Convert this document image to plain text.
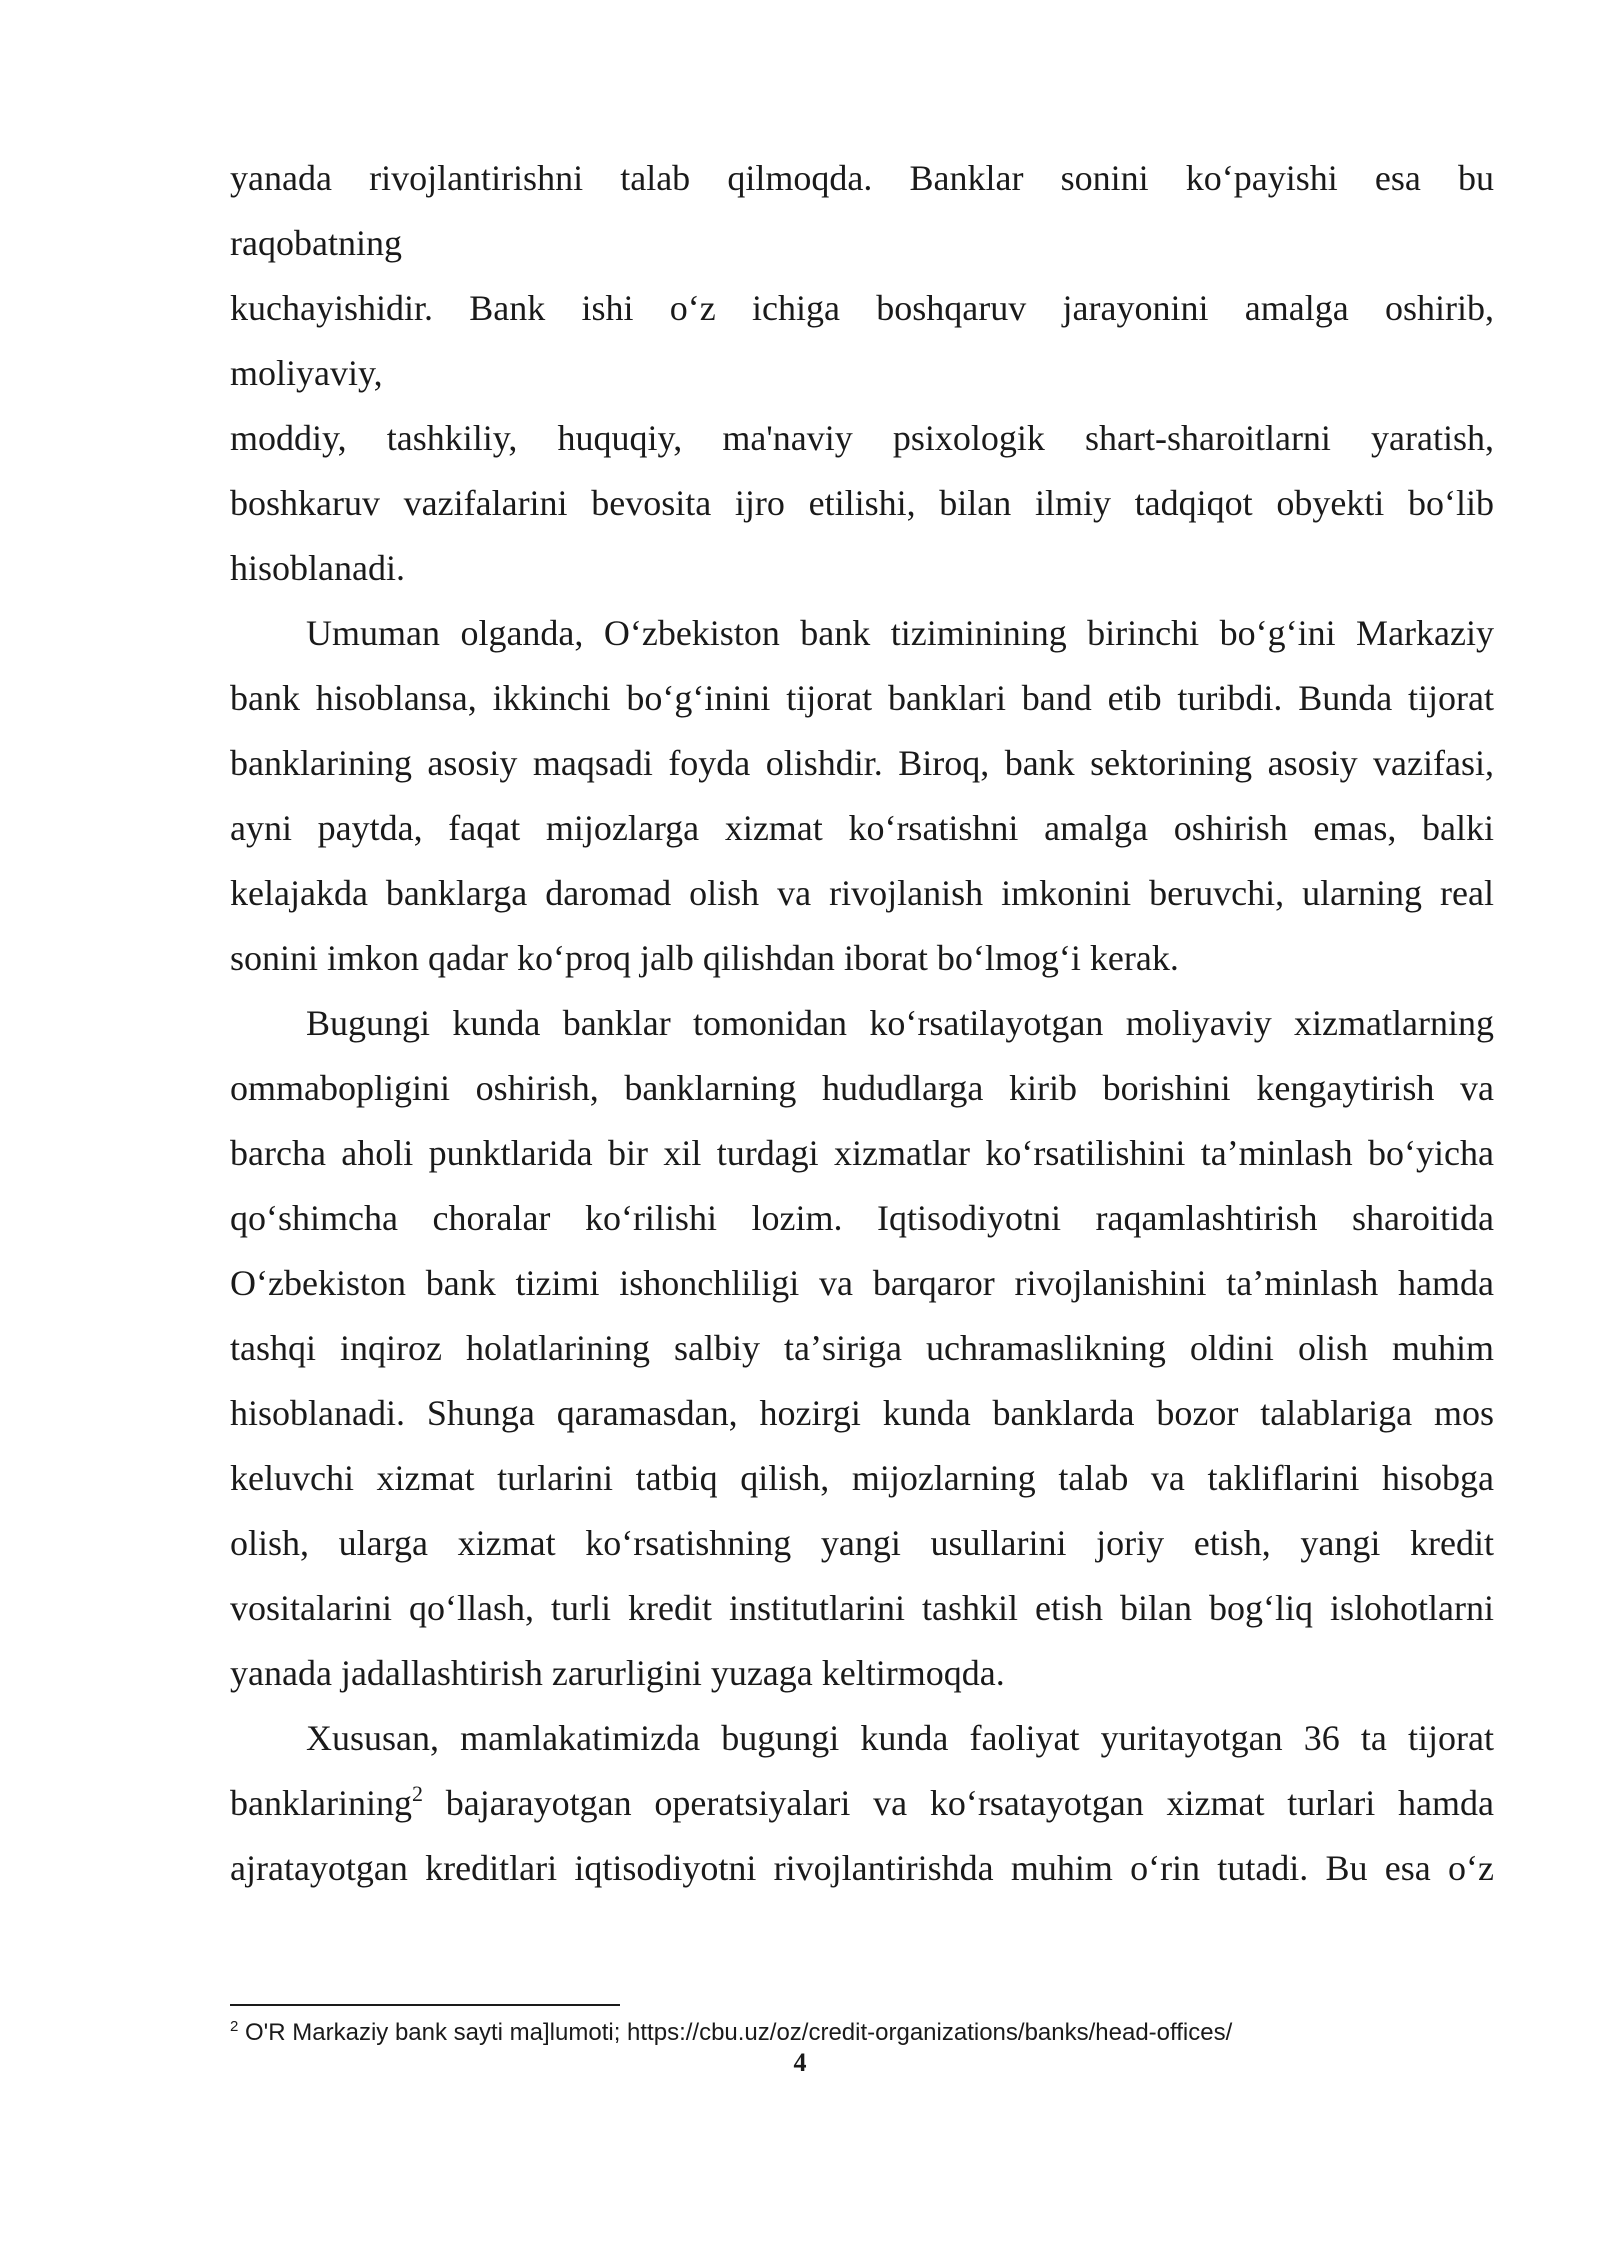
yanada rivojlantirishni talab qilmoqda. Banklar sonini koʻpayishi esa bu
raqobatning
kuchayishidir. Bank ishi oʻz ichiga boshqaruv jarayonini amalga oshirib,
moliyaviy,
moddiy, tashkiliy, huquqiy, ma'naviy psixologik shart-sharoitlarni yaratish,
boshkaruv vazifalarini bevosita ijro etilishi, bilan ilmiy tadqiqot obyekti boʻlib
hisoblanadi.
Umuman olganda, Oʻzbekiston bank tiziminining birinchi boʻgʻini Markaziy
bank hisoblansa, ikkinchi boʻgʻinini tijorat banklari band etib turibdi. Bunda tijorat
banklarining asosiy maqsadi foyda olishdir. Biroq, bank sektorining asosiy vazifasi,
ayni paytda, faqat mijozlarga xizmat koʻrsatishni amalga oshirish emas, balki
kelajakda banklarga daromad olish va rivojlanish imkonini beruvchi, ularning real
sonini imkon qadar koʻproq jalb qilishdan iborat boʻlmogʻi kerak.
Bugungi kunda banklar tomonidan koʻrsatilayotgan moliyaviy xizmatlarning
ommabopligini oshirish, banklarning hududlarga kirib borishini kengaytirish va
barcha aholi punktlarida bir xil turdagi xizmatlar koʻrsatilishini taʼminlash boʻyicha
qoʻshimcha choralar koʻrilishi lozim. Iqtisodiyotni raqamlashtirish sharoitida
Oʻzbekiston bank tizimi ishonchliligi va barqaror rivojlanishini taʼminlash hamda
tashqi inqiroz holatlarining salbiy taʼsiriga uchramaslikning oldini olish muhim
hisoblanadi. Shunga qaramasdan, hozirgi kunda banklarda bozor talablariga mos
keluvchi xizmat turlarini tatbiq qilish, mijozlarning talab va takliflarini hisobga
olish, ularga xizmat koʻrsatishning yangi usullarini joriy etish, yangi kredit
vositalarini qoʻllash, turli kredit institutlarini tashkil etish bilan bogʻliq islohotlarni
yanada jadallashtirish zarurligini yuzaga keltirmoqda.
Xususan, mamlakatimizda bugungi kunda faoliyat yuritayotgan 36 ta tijorat
banklarining$^2$ bajarayotgan operatsiyalari va koʻrsatayotgan xizmat turlari hamda
ajratayotgan kreditlari iqtisodiyotni rivojlantirishda muhim oʻrin tutadi. Bu esa oʻz
$^2$ O'R Markaziy bank sayti ma]lumoti; https://cbu.uz/oz/credit-organizations/banks/head-offices/
4
